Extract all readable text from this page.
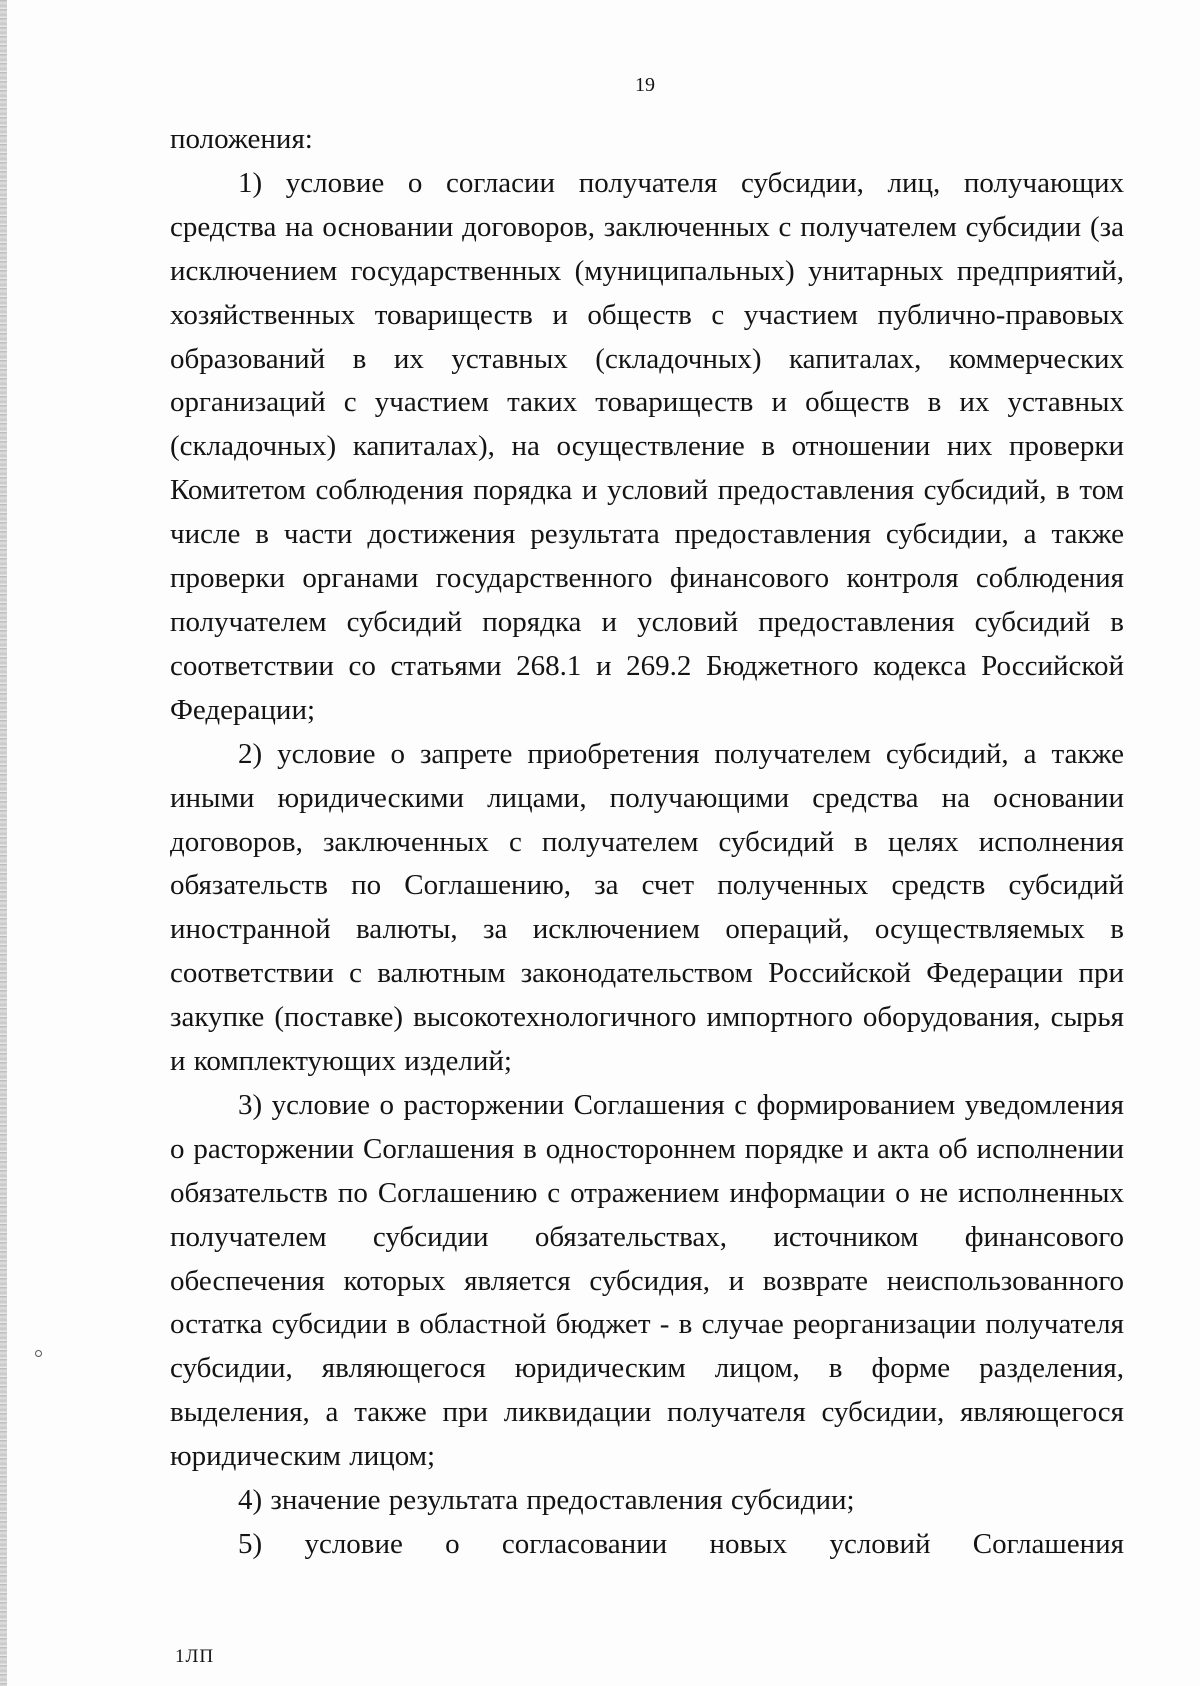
19

положения:

1) условие о согласии получателя субсидии, лиц, получающих средства на основании договоров, заключенных с получателем субсидии (за исключением государственных (муниципальных) унитарных предприятий, хозяйственных товариществ и обществ с участием публично-правовых образований в их уставных (складочных) капиталах, коммерческих организаций с участием таких товариществ и обществ в их уставных (складочных) капиталах), на осуществление в отношении них проверки Комитетом соблюдения порядка и условий предоставления субсидий, в том числе в части достижения результата предоставления субсидии, а также проверки органами государственного финансового контроля соблюдения получателем субсидий порядка и условий предоставления субсидий в соответствии со статьями 268.1 и 269.2 Бюджетного кодекса Российской Федерации;

2) условие о запрете приобретения получателем субсидий, а также иными юридическими лицами, получающими средства на основании договоров, заключенных с получателем субсидий в целях исполнения обязательств по Соглашению, за счет полученных средств субсидий иностранной валюты, за исключением операций, осуществляемых в соответствии с валютным законодательством Российской Федерации при закупке (поставке) высокотехнологичного импортного оборудования, сырья и комплектующих изделий;

3) условие о расторжении Соглашения с формированием уведомления о расторжении Соглашения в одностороннем порядке и акта об исполнении обязательств по Соглашению с отражением информации о не исполненных получателем субсидии обязательствах, источником финансового обеспечения которых является субсидия, и возврате неиспользованного остатка субсидии в областной бюджет - в случае реорганизации получателя субсидии, являющегося юридическим лицом, в форме разделения, выделения, а также при ликвидации получателя субсидии, являющегося юридическим лицом;

4) значение результата предоставления субсидии;

5) условие о согласовании новых условий Соглашения

1ЛП
